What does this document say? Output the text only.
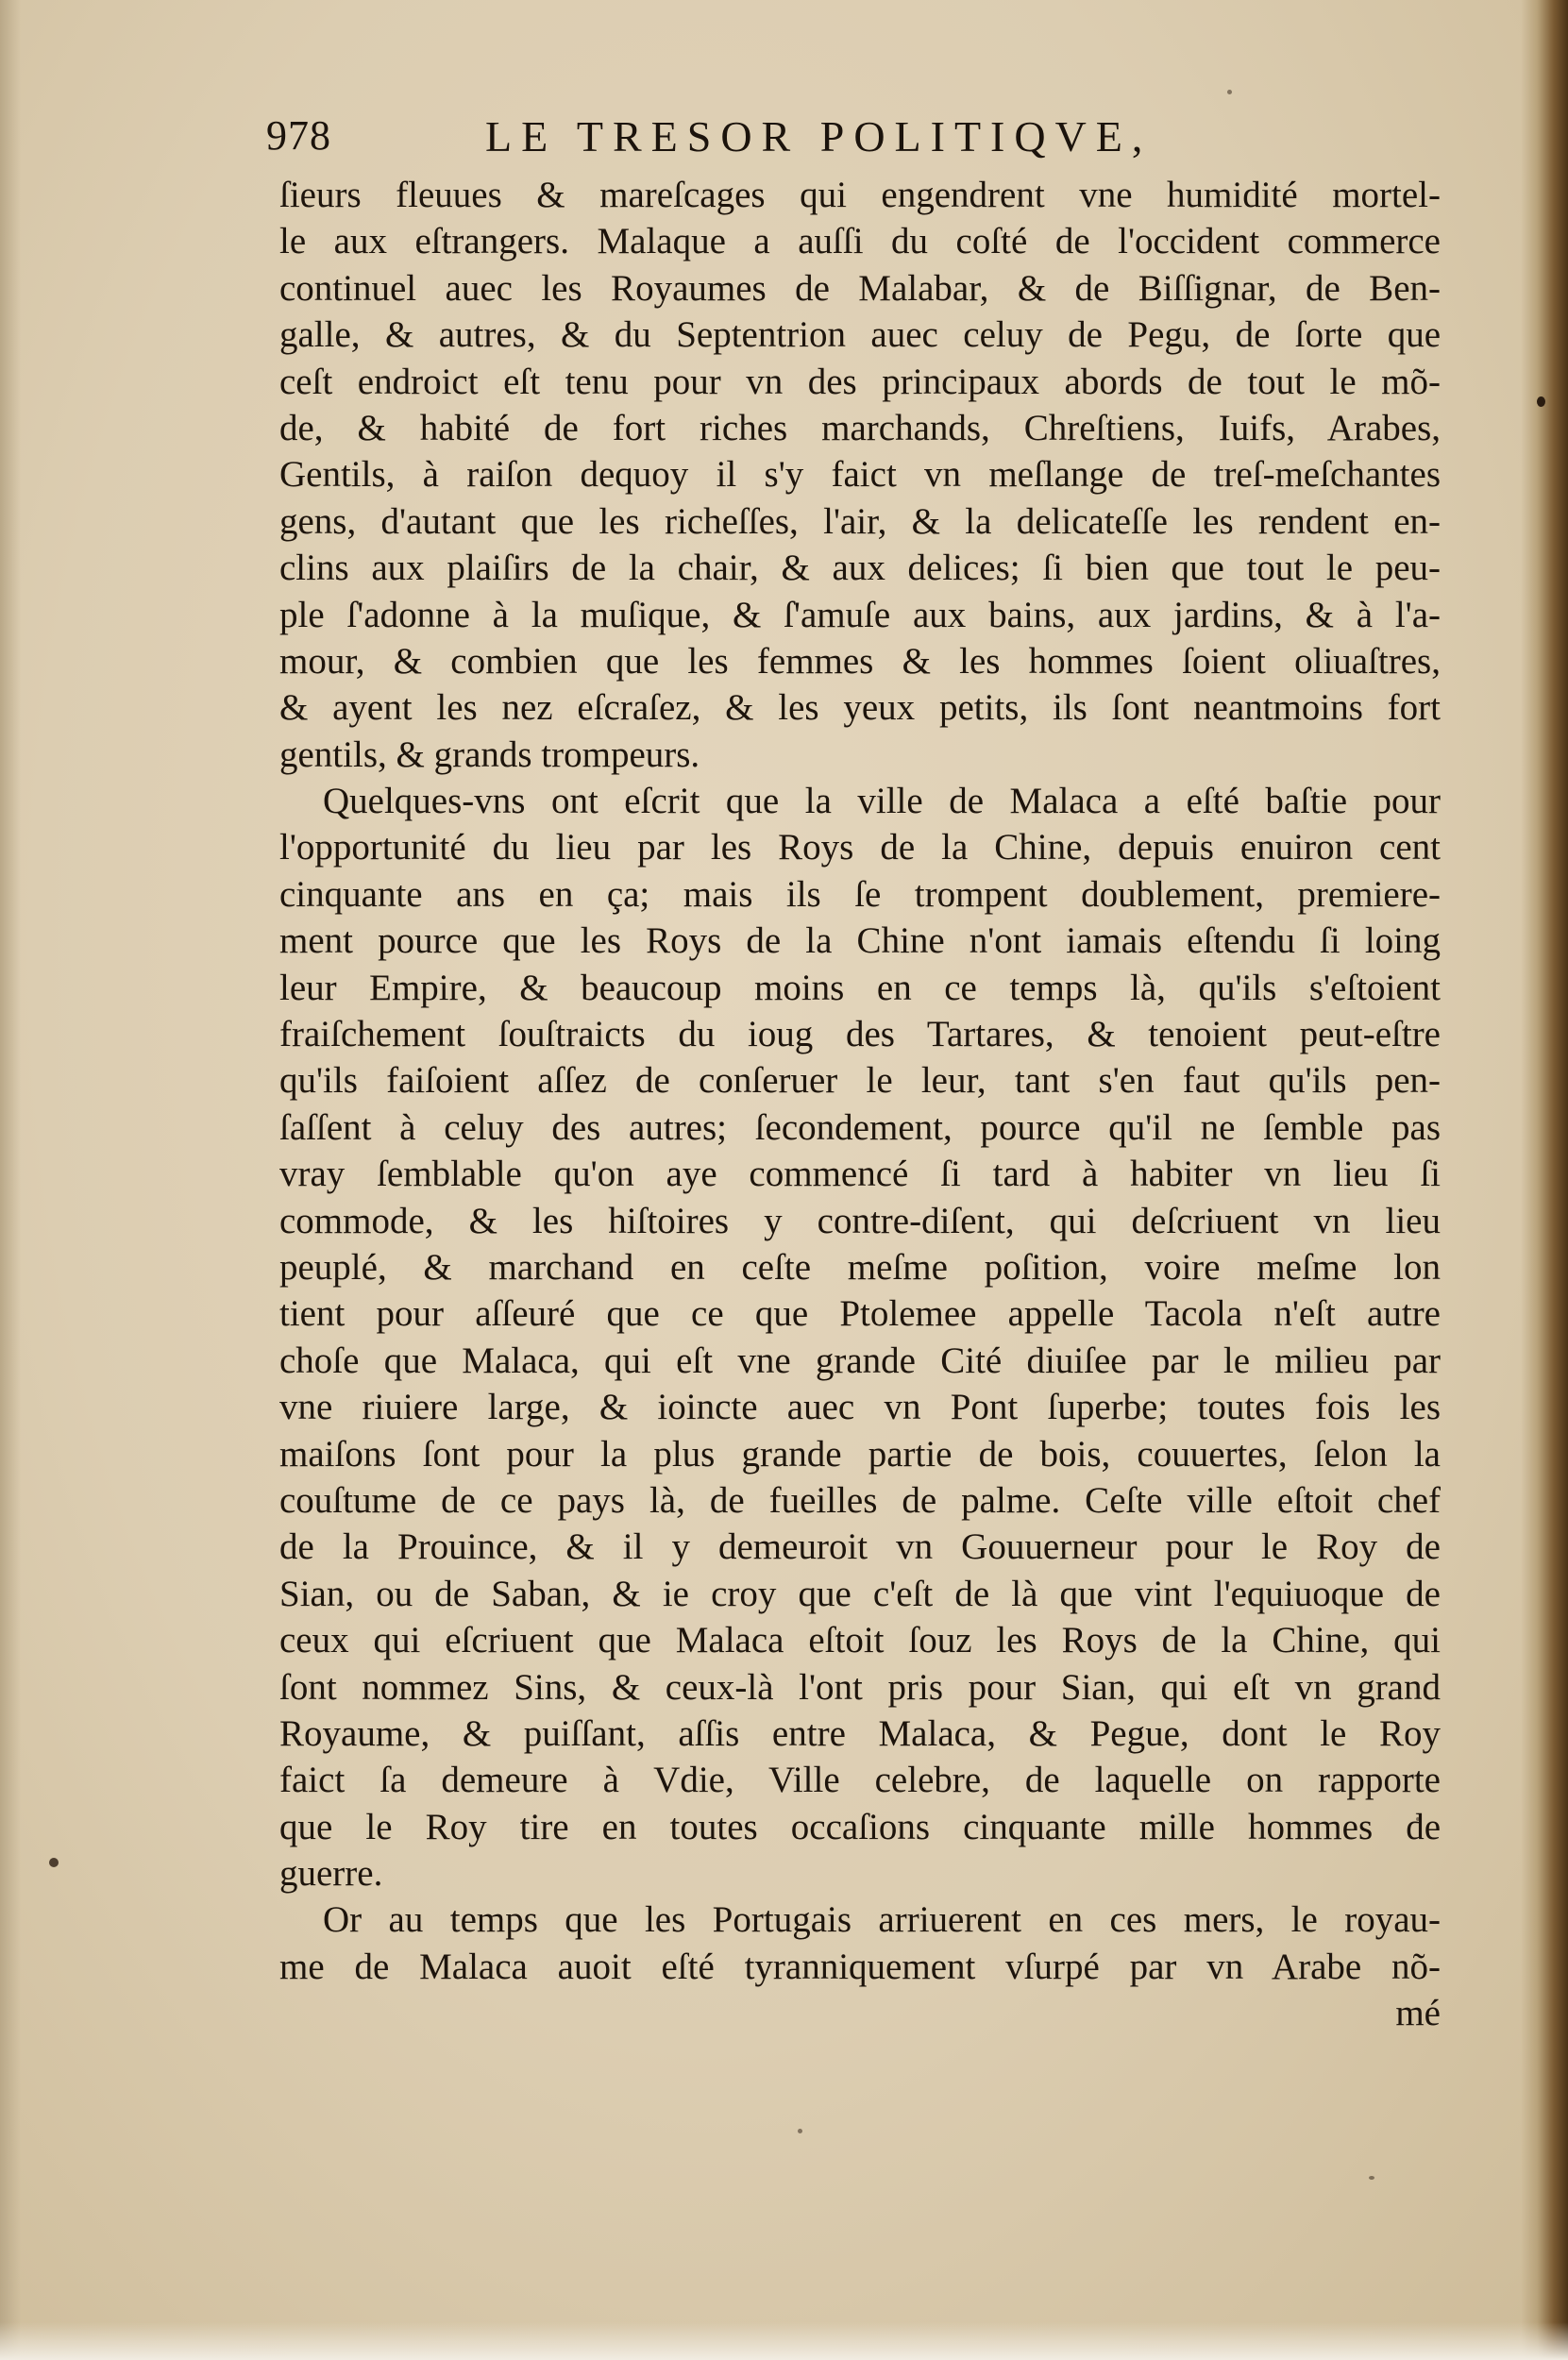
978	LE TRESOR POLITIQVE,
ſieurs fleuues & mareſcages qui engendrent vne humidité mortel-
le aux eſtrangers. Malaque a auſſi du coſté de l'occident commerce
continuel auec les Royaumes de Malabar, & de Biſſignar, de Ben-
galle, & autres, & du Septentrion auec celuy de Pegu, de ſorte que
ceſt endroict eſt tenu pour vn des principaux abords de tout le mõ-
de, & habité de fort riches marchands, Chreſtiens, Iuifs, Arabes,
Gentils, à raiſon dequoy il s'y faict vn meſlange de treſ-meſchantes
gens, d'autant que les richeſſes, l'air, & la delicateſſe les rendent en-
clins aux plaiſirs de la chair, & aux delices; ſi bien que tout le peu-
ple ſ'adonne à la muſique, & ſ'amuſe aux bains, aux jardins, & à l'a-
mour, & combien que les femmes & les hommes ſoient oliuaſtres,
& ayent les nez eſcraſez, & les yeux petits, ils ſont neantmoins fort
gentils, & grands trompeurs.
Quelques-vns ont eſcrit que la ville de Malaca a eſté baſtie pour
l'opportunité du lieu par les Roys de la Chine, depuis enuiron cent
cinquante ans en ça; mais ils ſe trompent doublement, premiere-
ment pource que les Roys de la Chine n'ont iamais eſtendu ſi loing
leur Empire, & beaucoup moins en ce temps là, qu'ils s'eſtoient
fraiſchement ſouſtraicts du ioug des Tartares, & tenoient peut-eſtre
qu'ils faiſoient aſſez de conſeruer le leur, tant s'en faut qu'ils pen-
ſaſſent à celuy des autres; ſecondement, pource qu'il ne ſemble pas
vray ſemblable qu'on aye commencé ſi tard à habiter vn lieu ſi
commode, & les hiſtoires y contre-diſent, qui deſcriuent vn lieu
peuplé, & marchand en ceſte meſme poſition, voire meſme lon
tient pour aſſeuré que ce que Ptolemee appelle Tacola n'eſt autre
choſe que Malaca, qui eſt vne grande Cité diuiſee par le milieu par
vne riuiere large, & ioincte auec vn Pont ſuperbe; toutes fois les
maiſons ſont pour la plus grande partie de bois, couuertes, ſelon la
couſtume de ce pays là, de fueilles de palme. Ceſte ville eſtoit chef
de la Prouince, & il y demeuroit vn Gouuerneur pour le Roy de
Sian, ou de Saban, & ie croy que c'eſt de là que vint l'equiuoque de
ceux qui eſcriuent que Malaca eſtoit ſouz les Roys de la Chine, qui
ſont nommez Sins, & ceux-là l'ont pris pour Sian, qui eſt vn grand
Royaume, & puiſſant, aſſis entre Malaca, & Pegue, dont le Roy
faict ſa demeure à Vdie, Ville celebre, de laquelle on rapporte
que le Roy tire en toutes occaſions cinquante mille hommes de
guerre.
Or au temps que les Portugais arriuerent en ces mers, le royau-
me de Malaca auoit eſté tyranniquement vſurpé par vn Arabe nõ-
mé
